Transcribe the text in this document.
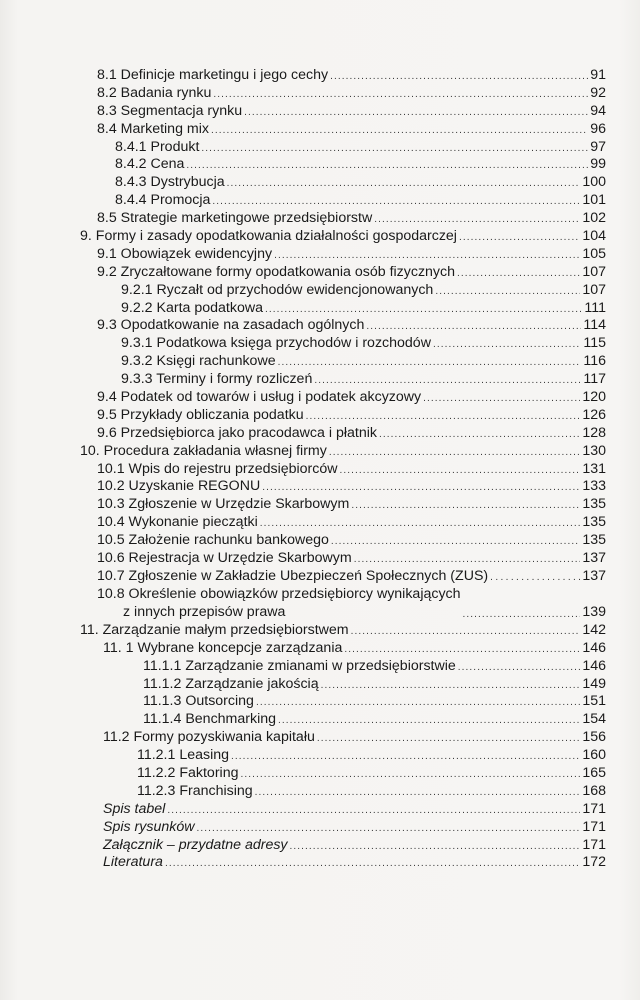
8.1 Definicje marketingu i jego cechy .....	91
8.2 Badania rynku .....	92
8.3 Segmentacja rynku .....	94
8.4 Marketing mix .....	96
8.4.1 Produkt .....	97
8.4.2 Cena .....	99
8.4.3 Dystrybucja .....	100
8.4.4 Promocja .....	101
8.5 Strategie marketingowe przedsiębiorstw .....	102
9. Formy i zasady opodatkowania działalności gospodarczej .....	104
9.1 Obowiązek ewidencyjny .....	105
9.2 Zryczałtowane formy opodatkowania osób fizycznych .....	107
9.2.1 Ryczałt od przychodów ewidencjonowanych .....	107
9.2.2 Karta podatkowa .....	111
9.3 Opodatkowanie na zasadach ogólnych .....	114
9.3.1 Podatkowa księga przychodów i rozchodów .....	115
9.3.2 Księgi rachunkowe .....	116
9.3.3 Terminy i formy rozliczeń .....	117
9.4 Podatek od towarów i usług i podatek akcyzowy .....	120
9.5 Przykłady obliczania podatku .....	126
9.6 Przedsiębiorca jako pracodawca i płatnik .....	128
10. Procedura zakładania własnej firmy .....	130
10.1 Wpis do rejestru przedsiębiorców .....	131
10.2 Uzyskanie REGONU .....	133
10.3 Zgłoszenie w Urzędzie Skarbowym .....	135
10.4 Wykonanie pieczątki .....	135
10.5 Założenie rachunku bankowego .....	135
10.6 Rejestracja w Urzędzie Skarbowym .....	137
10.7 Zgłoszenie w Zakładzie Ubezpieczeń Społecznych (ZUS) .....	137
10.8 Określenie obowiązków przedsiębiorcy wynikających
z innych przepisów prawa .....	139
11. Zarządzanie małym przedsiębiorstwem .....	142
11. 1 Wybrane koncepcje zarządzania .....	146
11.1.1 Zarządzanie zmianami w przedsiębiorstwie .....	146
11.1.2 Zarządzanie jakością .....	149
11.1.3 Outsorcing .....	151
11.1.4 Benchmarking .....	154
11.2 Formy pozyskiwania kapitału .....	156
11.2.1 Leasing .....	160
11.2.2 Faktoring .....	165
11.2.3 Franchising .....	168
Spis tabel .....	171
Spis rysunków .....	171
Załącznik – przydatne adresy .....	171
Literatura .....	172
